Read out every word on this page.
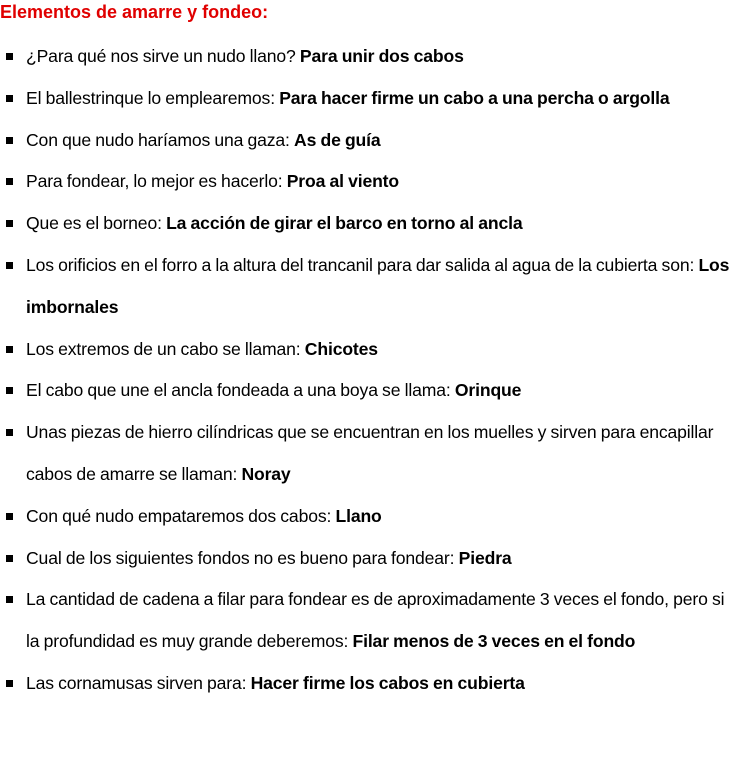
Elementos de amarre y fondeo:
¿Para qué nos sirve un nudo llano? Para unir dos cabos
El ballestrinque lo emplearemos: Para hacer firme un cabo a una percha o argolla
Con que nudo haríamos una gaza: As de guía
Para fondear, lo mejor es hacerlo: Proa al viento
Que es el borneo: La acción de girar el barco en torno al ancla
Los orificios en el forro a la altura del trancanil para dar salida al agua de la cubierta son: Los imbornales
Los extremos de un cabo se llaman: Chicotes
El cabo que une el ancla fondeada a una boya se llama: Orinque
Unas piezas de hierro cilíndricas que se encuentran en los muelles y sirven para encapillar cabos de amarre se llaman: Noray
Con qué nudo empataremos dos cabos: Llano
Cual de los siguientes fondos no es bueno para fondear: Piedra
La cantidad de cadena a filar para fondear es de aproximadamente 3 veces el fondo, pero si la profundidad es muy grande deberemos: Filar menos de 3 veces en el fondo
Las cornamusas sirven para: Hacer firme los cabos en cubierta
